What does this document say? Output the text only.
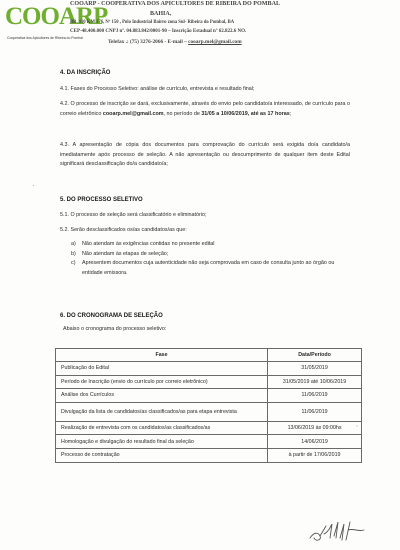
COOARP
Cooperativa dos Apicultores de Ribeira do Pombal
COOARP - COOPERATIVA DOS APICULTORES DE RIBEIRA DO POMBAL
BAHIA,
BR. 110 KM 176, Nº 150 , Polo Industrial Bairro zona Sul- Ribeira do Pombal, BA
CEP-48.400.000 CNPJ nº. 04.883.842/0001-90 – Inscrição Estadual nº 62.822.6 NO.
Telefax .: (75) 3276-2066 - E-mail – cooarp.mel@gmail.com
4. DA INSCRIÇÃO
4.1. Fases do Processo Seletivo: análise de currículo, entrevista e resultado final;
4.2. O processo de inscrição se dará, exclusivamente, através do envio pelo candidato/a interessado, de currículo para o correio eletrônico cooarp.mel@gmail.com, no período de 31/05 a 10/06/2019, até as 17 horas;
4.3. A apresentação de cópia dos documentos para comprovação do currículo será exigida do/a candidato/a imediatamente após processo de seleção. A não apresentação ou descumprimento de qualquer item deste Edital significará desclassificação do/a candidato/a;
·
5. DO PROCESSO SELETIVO
5.1. O processo de seleção será classificatório e eliminatório;
5.2. Serão desclassificados os/as candidatos/as que:
a) Não atendam às exigências contidas no presente edital
b) Não atendam às etapas de seleção;
c) Apresentem documentos cuja autenticidade não seja comprovada em caso de consulta junto ao órgão ou entidade emissora.
6. DO CRONOGRAMA DE SELEÇÃO
Abaixo o cronograma do processo seletivo:
Fase	Data/Período
Publicação do Edital	31/05/2019
Período de Inscrição (envio do currículo por correio eletrônico)	31/05/2019 até 10/06/2019
Análise dos Currículos	11/06/2019
Divulgação da lista de candidatos/as classificados/as para etapa entrevista	11/06/2019
Realização de entrevista com os candidatos/as classificados/as	13/06/2019 às 09:00hs
Homologação e divulgação do resultado final da seleção	14/06/2019
Processo de contratação	à partir de 17/06/2019
ˎ
